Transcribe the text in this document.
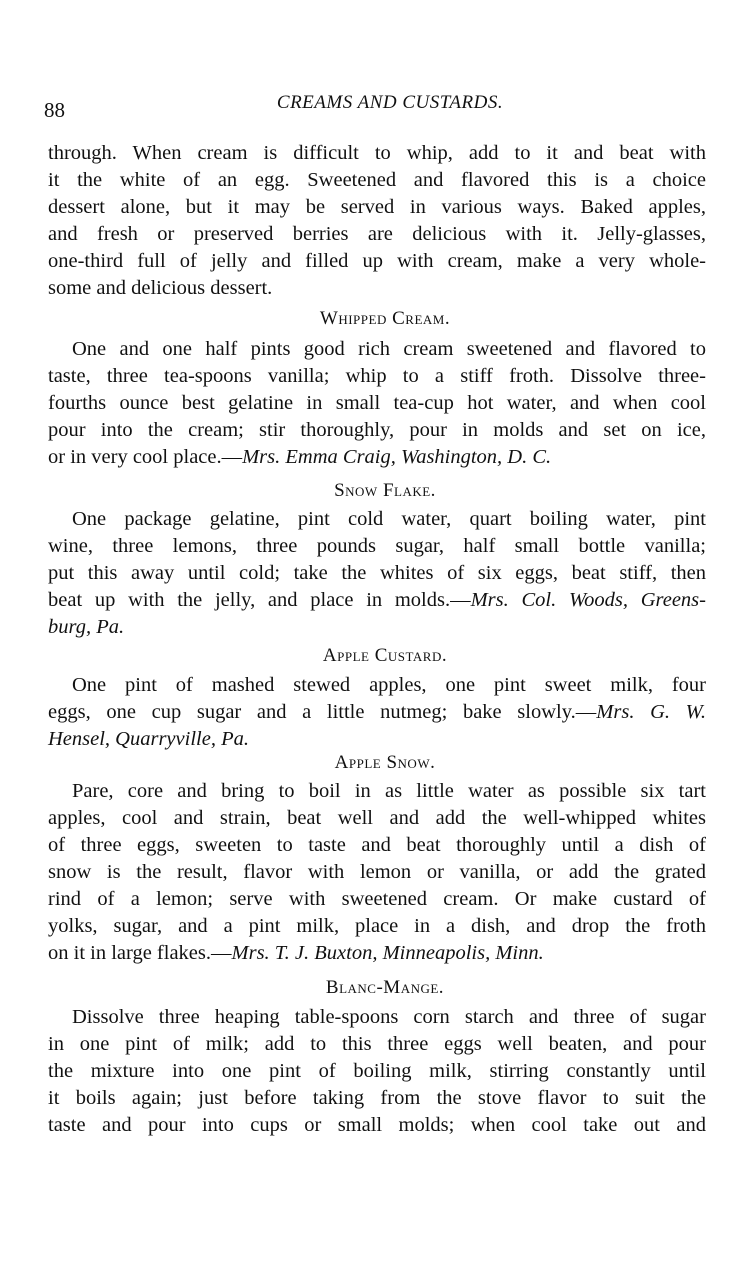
88	CREAMS AND CUSTARDS.
through. When cream is difficult to whip, add to it and beat with
it the white of an egg. Sweetened and flavored this is a choice
dessert alone, but it may be served in various ways. Baked apples,
and fresh or preserved berries are delicious with it. Jelly-glasses,
one-third full of jelly and filled up with cream, make a very whole-
some and delicious dessert.
Whipped Cream.
One and one half pints good rich cream sweetened and flavored to
taste, three tea-spoons vanilla; whip to a stiff froth. Dissolve three-
fourths ounce best gelatine in small tea-cup hot water, and when cool
pour into the cream; stir thoroughly, pour in molds and set on ice,
or in very cool place.—Mrs. Emma Craig, Washington, D. C.
Snow Flake.
One package gelatine, pint cold water, quart boiling water, pint
wine, three lemons, three pounds sugar, half small bottle vanilla;
put this away until cold; take the whites of six eggs, beat stiff, then
beat up with the jelly, and place in molds.—Mrs. Col. Woods, Greens-
burg, Pa.
Apple Custard.
One pint of mashed stewed apples, one pint sweet milk, four
eggs, one cup sugar and a little nutmeg; bake slowly.—Mrs. G. W.
Hensel, Quarryville, Pa.
Apple Snow.
Pare, core and bring to boil in as little water as possible six tart
apples, cool and strain, beat well and add the well-whipped whites
of three eggs, sweeten to taste and beat thoroughly until a dish of
snow is the result, flavor with lemon or vanilla, or add the grated
rind of a lemon; serve with sweetened cream. Or make custard of
yolks, sugar, and a pint milk, place in a dish, and drop the froth
on it in large flakes.—Mrs. T. J. Buxton, Minneapolis, Minn.
Blanc-Mange.
Dissolve three heaping table-spoons corn starch and three of sugar
in one pint of milk; add to this three eggs well beaten, and pour
the mixture into one pint of boiling milk, stirring constantly until
it boils again; just before taking from the stove flavor to suit the
taste and pour into cups or small molds; when cool take out and
